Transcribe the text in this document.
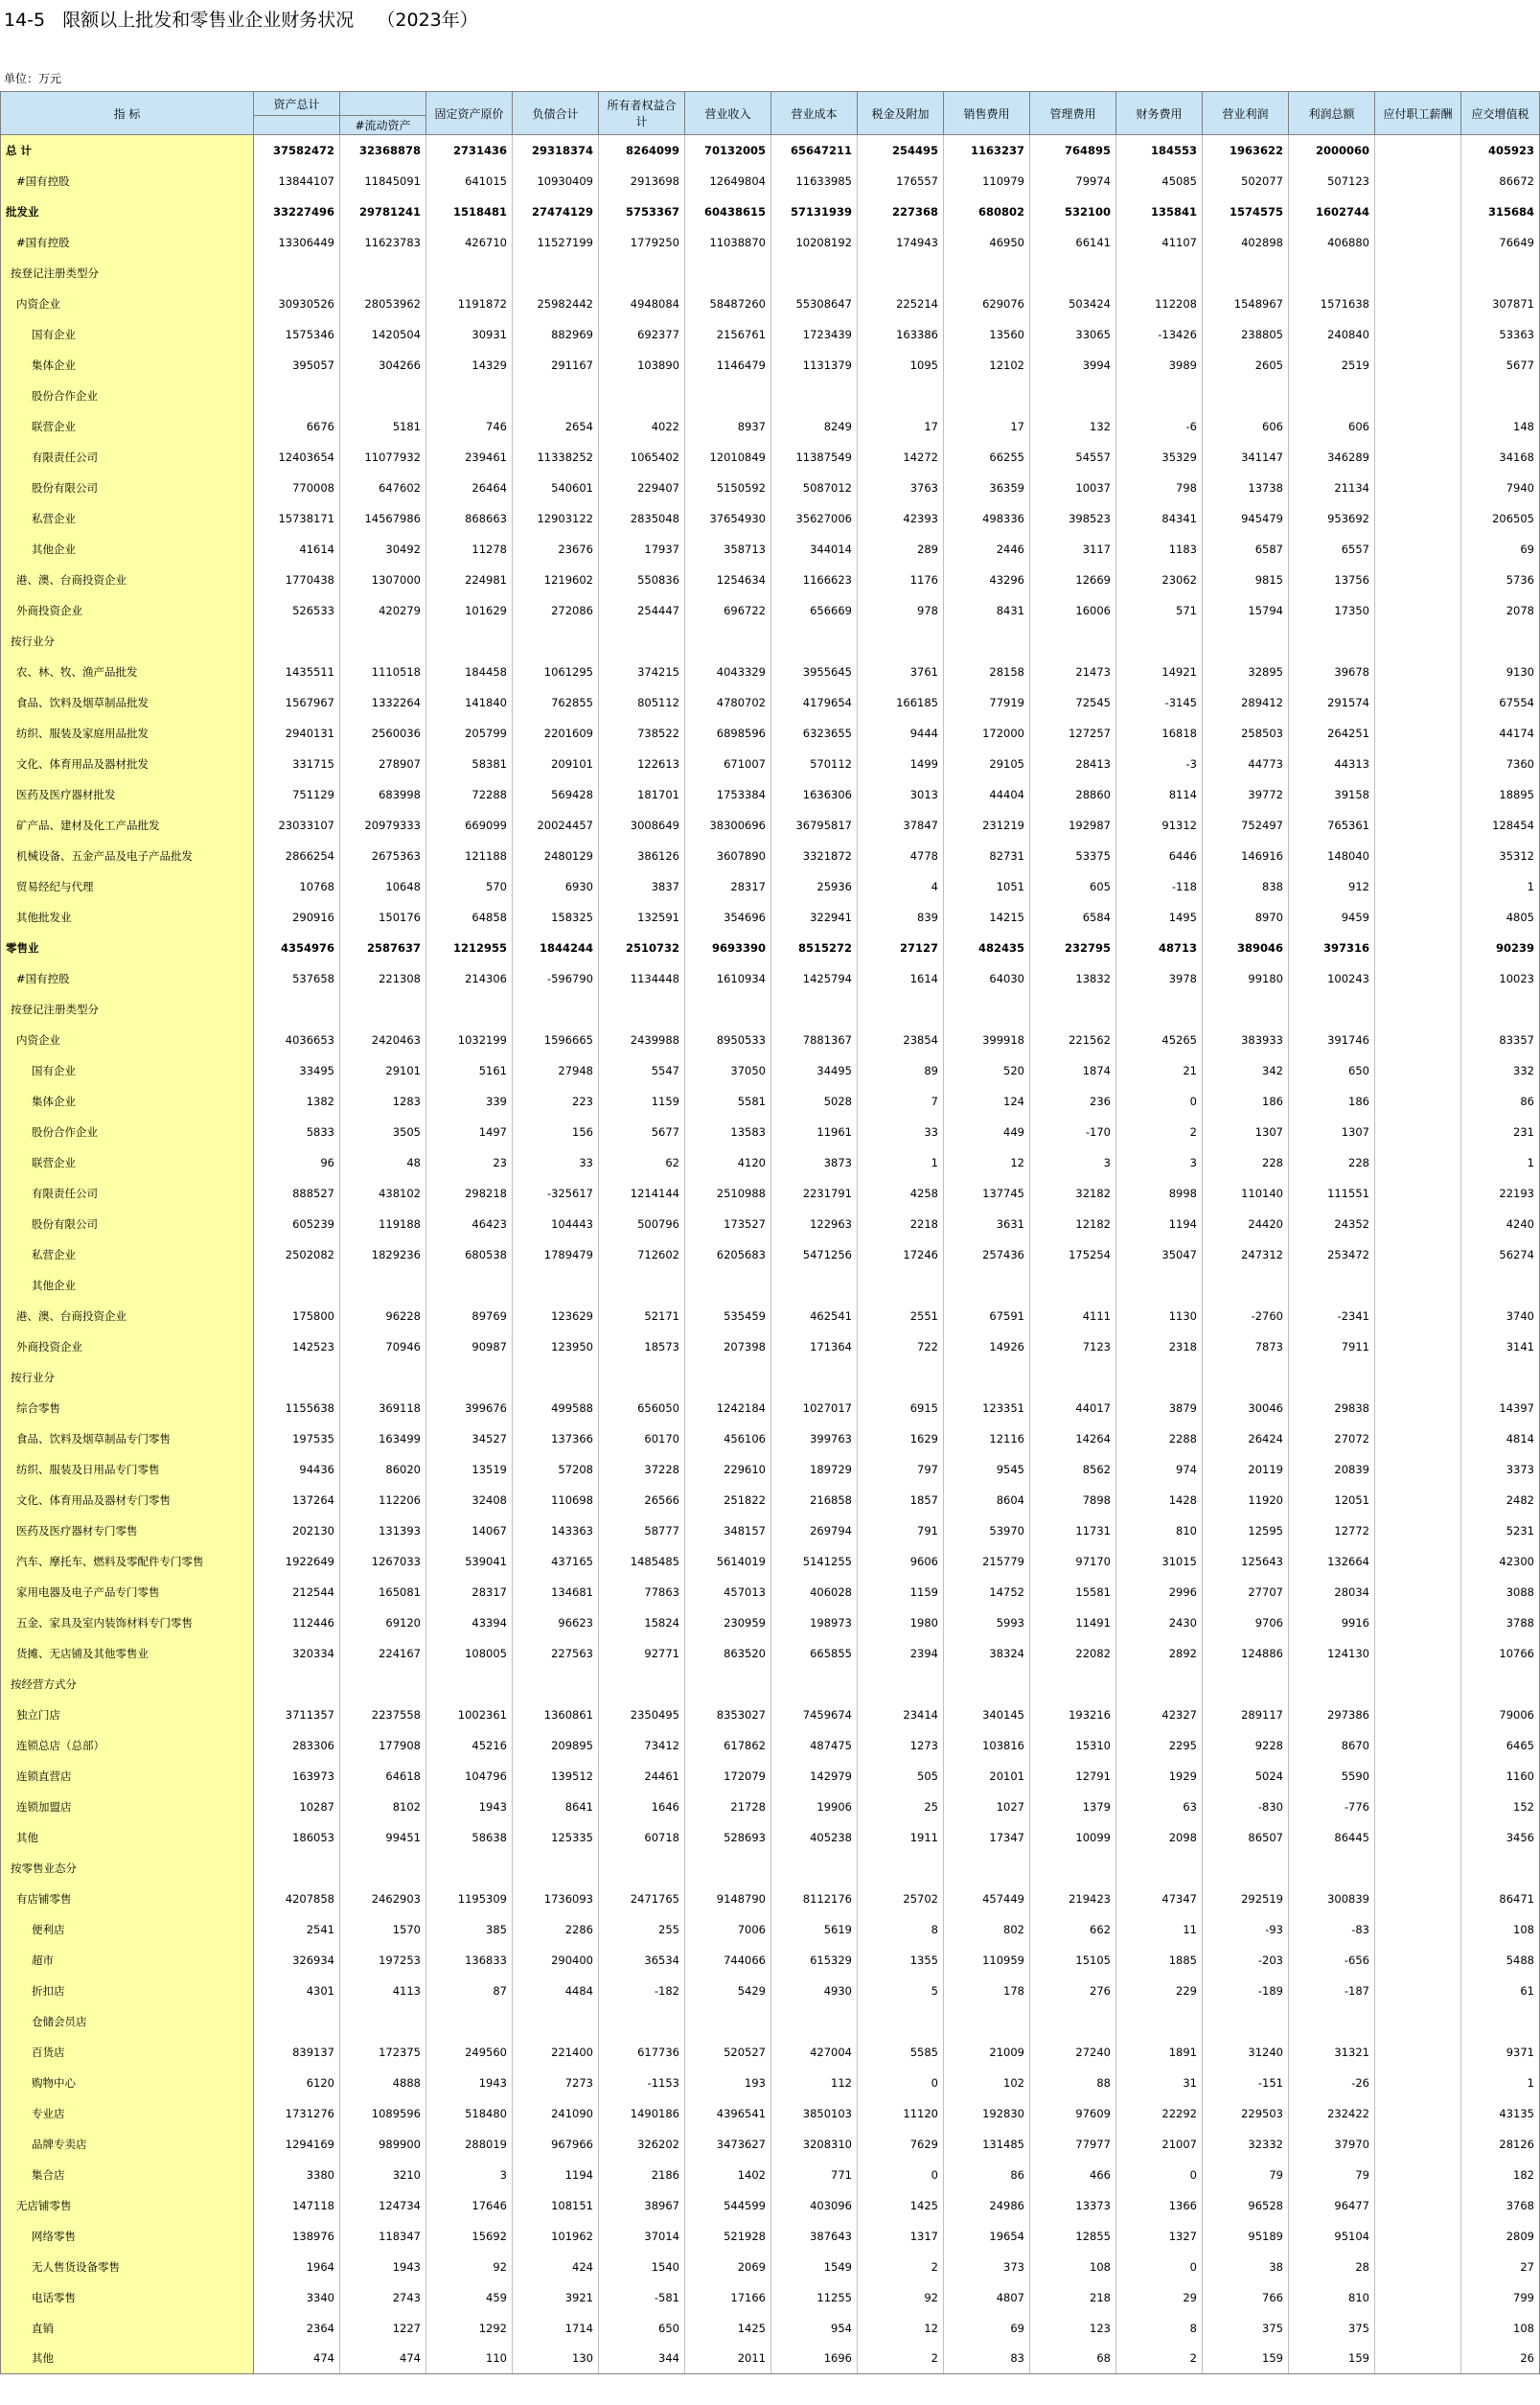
14-5   限额以上批发和零售业企业财务状况    （2023年）
单位：万元
指 标	资产总计		固定资产原价	负债合计	所有者权益合计	营业收入	营业成本	税金及附加	销售费用	管理费用	财务费用	营业利润	利润总额	应付职工薪酬	应交增值税
		#流动资产													
总 计	37582472	32368878	2731436	29318374	8264099	70132005	65647211	254495	1163237	764895	184553	1963622	2000060		405923
#国有控股	13844107	11845091	641015	10930409	2913698	12649804	11633985	176557	110979	79974	45085	502077	507123		86672
批发业	33227496	29781241	1518481	27474129	5753367	60438615	57131939	227368	680802	532100	135841	1574575	1602744		315684
#国有控股	13306449	11623783	426710	11527199	1779250	11038870	10208192	174943	46950	66141	41107	402898	406880		76649
按登记注册类型分															
内资企业	30930526	28053962	1191872	25982442	4948084	58487260	55308647	225214	629076	503424	112208	1548967	1571638		307871
国有企业	1575346	1420504	30931	882969	692377	2156761	1723439	163386	13560	33065	-13426	238805	240840		53363
集体企业	395057	304266	14329	291167	103890	1146479	1131379	1095	12102	3994	3989	2605	2519		5677
股份合作企业															
联营企业	6676	5181	746	2654	4022	8937	8249	17	17	132	-6	606	606		148
有限责任公司	12403654	11077932	239461	11338252	1065402	12010849	11387549	14272	66255	54557	35329	341147	346289		34168
股份有限公司	770008	647602	26464	540601	229407	5150592	5087012	3763	36359	10037	798	13738	21134		7940
私营企业	15738171	14567986	868663	12903122	2835048	37654930	35627006	42393	498336	398523	84341	945479	953692		206505
其他企业	41614	30492	11278	23676	17937	358713	344014	289	2446	3117	1183	6587	6557		69
港、澳、台商投资企业	1770438	1307000	224981	1219602	550836	1254634	1166623	1176	43296	12669	23062	9815	13756		5736
外商投资企业	526533	420279	101629	272086	254447	696722	656669	978	8431	16006	571	15794	17350		2078
按行业分															
农、林、牧、渔产品批发	1435511	1110518	184458	1061295	374215	4043329	3955645	3761	28158	21473	14921	32895	39678		9130
食品、饮料及烟草制品批发	1567967	1332264	141840	762855	805112	4780702	4179654	166185	77919	72545	-3145	289412	291574		67554
纺织、服装及家庭用品批发	2940131	2560036	205799	2201609	738522	6898596	6323655	9444	172000	127257	16818	258503	264251		44174
文化、体育用品及器材批发	331715	278907	58381	209101	122613	671007	570112	1499	29105	28413	-3	44773	44313		7360
医药及医疗器材批发	751129	683998	72288	569428	181701	1753384	1636306	3013	44404	28860	8114	39772	39158		18895
矿产品、建材及化工产品批发	23033107	20979333	669099	20024457	3008649	38300696	36795817	37847	231219	192987	91312	752497	765361		128454
机械设备、五金产品及电子产品批发	2866254	2675363	121188	2480129	386126	3607890	3321872	4778	82731	53375	6446	146916	148040		35312
贸易经纪与代理	10768	10648	570	6930	3837	28317	25936	4	1051	605	-118	838	912		1
其他批发业	290916	150176	64858	158325	132591	354696	322941	839	14215	6584	1495	8970	9459		4805
零售业	4354976	2587637	1212955	1844244	2510732	9693390	8515272	27127	482435	232795	48713	389046	397316		90239
#国有控股	537658	221308	214306	-596790	1134448	1610934	1425794	1614	64030	13832	3978	99180	100243		10023
按登记注册类型分															
内资企业	4036653	2420463	1032199	1596665	2439988	8950533	7881367	23854	399918	221562	45265	383933	391746		83357
国有企业	33495	29101	5161	27948	5547	37050	34495	89	520	1874	21	342	650		332
集体企业	1382	1283	339	223	1159	5581	5028	7	124	236	0	186	186		86
股份合作企业	5833	3505	1497	156	5677	13583	11961	33	449	-170	2	1307	1307		231
联营企业	96	48	23	33	62	4120	3873	1	12	3	3	228	228		1
有限责任公司	888527	438102	298218	-325617	1214144	2510988	2231791	4258	137745	32182	8998	110140	111551		22193
股份有限公司	605239	119188	46423	104443	500796	173527	122963	2218	3631	12182	1194	24420	24352		4240
私营企业	2502082	1829236	680538	1789479	712602	6205683	5471256	17246	257436	175254	35047	247312	253472		56274
其他企业															
港、澳、台商投资企业	175800	96228	89769	123629	52171	535459	462541	2551	67591	4111	1130	-2760	-2341		3740
外商投资企业	142523	70946	90987	123950	18573	207398	171364	722	14926	7123	2318	7873	7911		3141
按行业分															
综合零售	1155638	369118	399676	499588	656050	1242184	1027017	6915	123351	44017	3879	30046	29838		14397
食品、饮料及烟草制品专门零售	197535	163499	34527	137366	60170	456106	399763	1629	12116	14264	2288	26424	27072		4814
纺织、服装及日用品专门零售	94436	86020	13519	57208	37228	229610	189729	797	9545	8562	974	20119	20839		3373
文化、体育用品及器材专门零售	137264	112206	32408	110698	26566	251822	216858	1857	8604	7898	1428	11920	12051		2482
医药及医疗器材专门零售	202130	131393	14067	143363	58777	348157	269794	791	53970	11731	810	12595	12772		5231
汽车、摩托车、燃料及零配件专门零售	1922649	1267033	539041	437165	1485485	5614019	5141255	9606	215779	97170	31015	125643	132664		42300
家用电器及电子产品专门零售	212544	165081	28317	134681	77863	457013	406028	1159	14752	15581	2996	27707	28034		3088
五金、家具及室内装饰材料专门零售	112446	69120	43394	96623	15824	230959	198973	1980	5993	11491	2430	9706	9916		3788
货摊、无店铺及其他零售业	320334	224167	108005	227563	92771	863520	665855	2394	38324	22082	2892	124886	124130		10766
按经营方式分															
独立门店	3711357	2237558	1002361	1360861	2350495	8353027	7459674	23414	340145	193216	42327	289117	297386		79006
连锁总店（总部）	283306	177908	45216	209895	73412	617862	487475	1273	103816	15310	2295	9228	8670		6465
连锁直营店	163973	64618	104796	139512	24461	172079	142979	505	20101	12791	1929	5024	5590		1160
连锁加盟店	10287	8102	1943	8641	1646	21728	19906	25	1027	1379	63	-830	-776		152
其他	186053	99451	58638	125335	60718	528693	405238	1911	17347	10099	2098	86507	86445		3456
按零售业态分															
有店铺零售	4207858	2462903	1195309	1736093	2471765	9148790	8112176	25702	457449	219423	47347	292519	300839		86471
便利店	2541	1570	385	2286	255	7006	5619	8	802	662	11	-93	-83		108
超市	326934	197253	136833	290400	36534	744066	615329	1355	110959	15105	1885	-203	-656		5488
折扣店	4301	4113	87	4484	-182	5429	4930	5	178	276	229	-189	-187		61
仓储会员店															
百货店	839137	172375	249560	221400	617736	520527	427004	5585	21009	27240	1891	31240	31321		9371
购物中心	6120	4888	1943	7273	-1153	193	112	0	102	88	31	-151	-26		1
专业店	1731276	1089596	518480	241090	1490186	4396541	3850103	11120	192830	97609	22292	229503	232422		43135
品牌专卖店	1294169	989900	288019	967966	326202	3473627	3208310	7629	131485	77977	21007	32332	37970		28126
集合店	3380	3210	3	1194	2186	1402	771	0	86	466	0	79	79		182
无店铺零售	147118	124734	17646	108151	38967	544599	403096	1425	24986	13373	1366	96528	96477		3768
网络零售	138976	118347	15692	101962	37014	521928	387643	1317	19654	12855	1327	95189	95104		2809
无人售货设备零售	1964	1943	92	424	1540	2069	1549	2	373	108	0	38	28		27
电话零售	3340	2743	459	3921	-581	17166	11255	92	4807	218	29	766	810		799
直销	2364	1227	1292	1714	650	1425	954	12	69	123	8	375	375		108
其他	474	474	110	130	344	2011	1696	2	83	68	2	159	159		26
